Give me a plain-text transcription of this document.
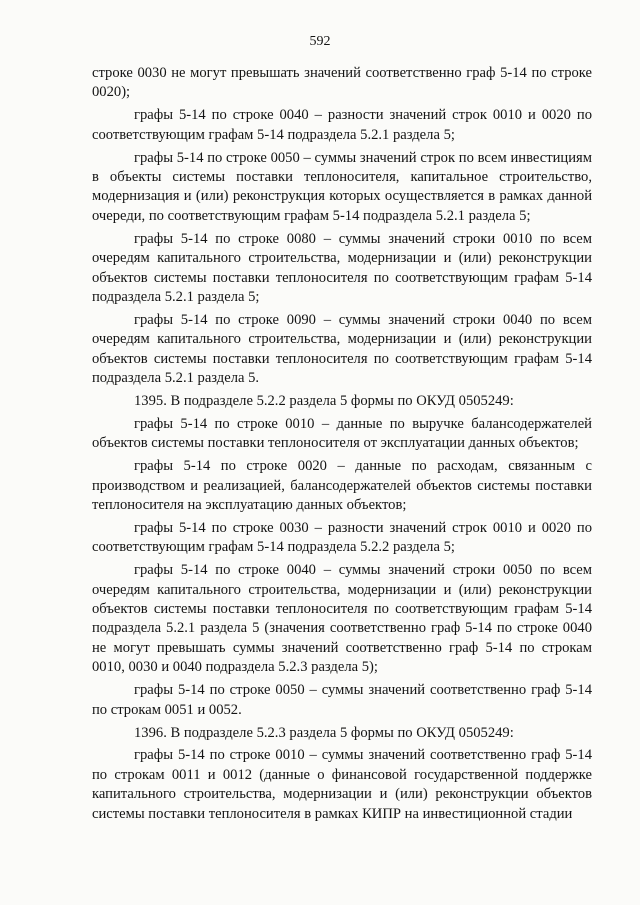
592

строке 0030 не могут превышать значений соответственно граф 5-14 по строке 0020);

графы 5-14 по строке 0040 – разности значений строк 0010 и 0020 по соответствующим графам 5-14 подраздела 5.2.1 раздела 5;

графы 5-14 по строке 0050 – суммы значений строк по всем инвестициям в объекты системы поставки теплоносителя, капитальное строительство, модернизация и (или) реконструкция которых осуществляется в рамках данной очереди, по соответствующим графам 5-14 подраздела 5.2.1 раздела 5;

графы 5-14 по строке 0080 – суммы значений строки 0010 по всем очередям капитального строительства, модернизации и (или) реконструкции объектов системы поставки теплоносителя по соответствующим графам 5-14 подраздела 5.2.1 раздела 5;

графы 5-14 по строке 0090 – суммы значений строки 0040 по всем очередям капитального строительства, модернизации и (или) реконструкции объектов системы поставки теплоносителя по соответствующим графам 5-14 подраздела 5.2.1 раздела 5.

1395. В подразделе 5.2.2 раздела 5 формы по ОКУД 0505249:

графы 5-14 по строке 0010 – данные по выручке балансодержателей объектов системы поставки теплоносителя от эксплуатации данных объектов;

графы 5-14 по строке 0020 – данные по расходам, связанным с производством и реализацией, балансодержателей объектов системы поставки теплоносителя на эксплуатацию данных объектов;

графы 5-14 по строке 0030 – разности значений строк 0010 и 0020 по соответствующим графам 5-14 подраздела 5.2.2 раздела 5;

графы 5-14 по строке 0040 – суммы значений строки 0050 по всем очередям капитального строительства, модернизации и (или) реконструкции объектов системы поставки теплоносителя по соответствующим графам 5-14 подраздела 5.2.1 раздела 5 (значения соответственно граф 5-14 по строке 0040 не могут превышать суммы значений соответственно граф 5-14 по строкам 0010, 0030 и 0040 подраздела 5.2.3 раздела 5);

графы 5-14 по строке 0050 – суммы значений соответственно граф 5-14 по строкам 0051 и 0052.

1396. В подразделе 5.2.3 раздела 5 формы по ОКУД 0505249:

графы 5-14 по строке 0010 – суммы значений соответственно граф 5-14 по строкам 0011 и 0012 (данные о финансовой государственной поддержке капитального строительства, модернизации и (или) реконструкции объектов системы поставки теплоносителя в рамках КИПР на инвестиционной стадии
